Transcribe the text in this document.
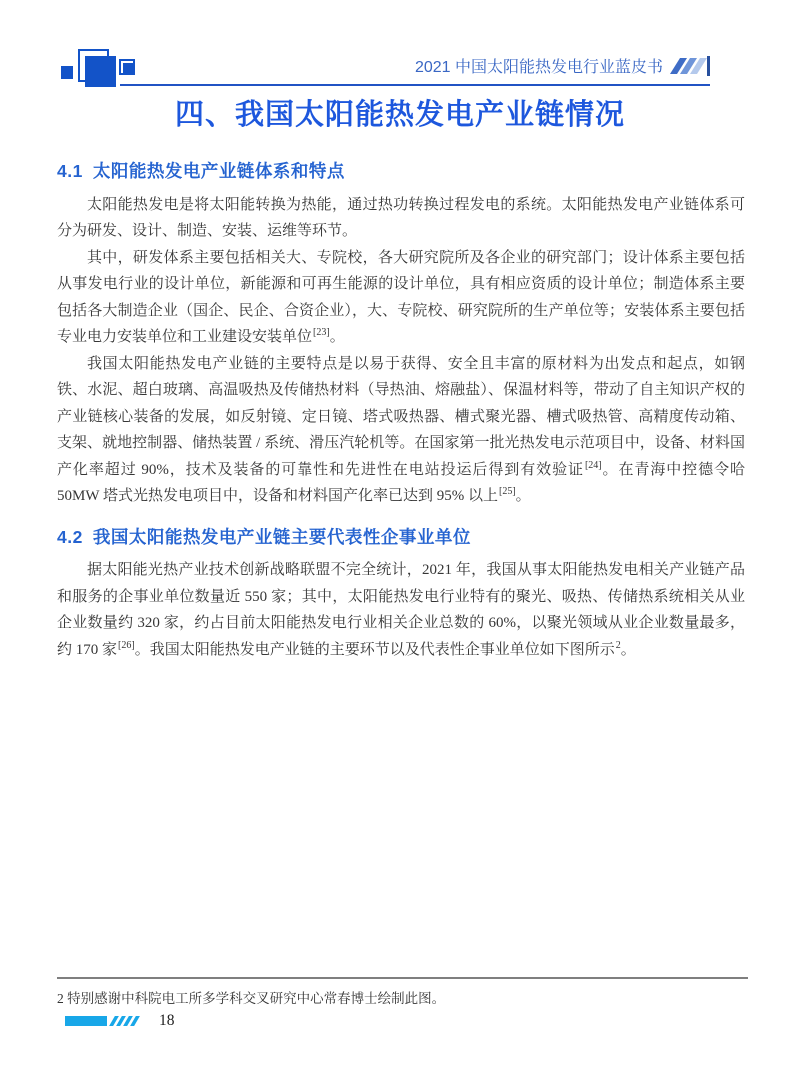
2021 中国太阳能热发电行业蓝皮书
四、我国太阳能热发电产业链情况
4.1 太阳能热发电产业链体系和特点

太阳能热发电是将太阳能转换为热能，通过热功转换过程发电的系统。太阳能热发电产业链体系可分为研发、设计、制造、安装、运维等环节。

其中，研发体系主要包括相关大、专院校，各大研究院所及各企业的研究部门；设计体系主要包括从事发电行业的设计单位，新能源和可再生能源的设计单位，具有相应资质的设计单位；制造体系主要包括各大制造企业（国企、民企、合资企业），大、专院校、研究院所的生产单位等；安装体系主要包括专业电力安装单位和工业建设安装单位[23]。

我国太阳能热发电产业链的主要特点是以易于获得、安全且丰富的原材料为出发点和起点，如钢铁、水泥、超白玻璃、高温吸热及传储热材料（导热油、熔融盐）、保温材料等，带动了自主知识产权的产业链核心装备的发展，如反射镜、定日镜、塔式吸热器、槽式聚光器、槽式吸热管、高精度传动箱、支架、就地控制器、储热装置 / 系统、滑压汽轮机等。在国家第一批光热发电示范项目中，设备、材料国产化率超过 90%，技术及装备的可靠性和先进性在电站投运后得到有效验证[24]。在青海中控德令哈 50MW 塔式光热发电项目中，设备和材料国产化率已达到 95% 以上[25]。

4.2 我国太阳能热发电产业链主要代表性企事业单位

据太阳能光热产业技术创新战略联盟不完全统计，2021 年，我国从事太阳能热发电相关产业链产品和服务的企事业单位数量近 550 家；其中，太阳能热发电行业特有的聚光、吸热、传储热系统相关从业企业数量约 320 家，约占目前太阳能热发电行业相关企业总数的 60%，以聚光领域从业企业数量最多，约 170 家[26]。我国太阳能热发电产业链的主要环节以及代表性企事业单位如下图所示$^2$。

2 特别感谢中科院电工所多学科交叉研究中心常春博士绘制此图。

18
